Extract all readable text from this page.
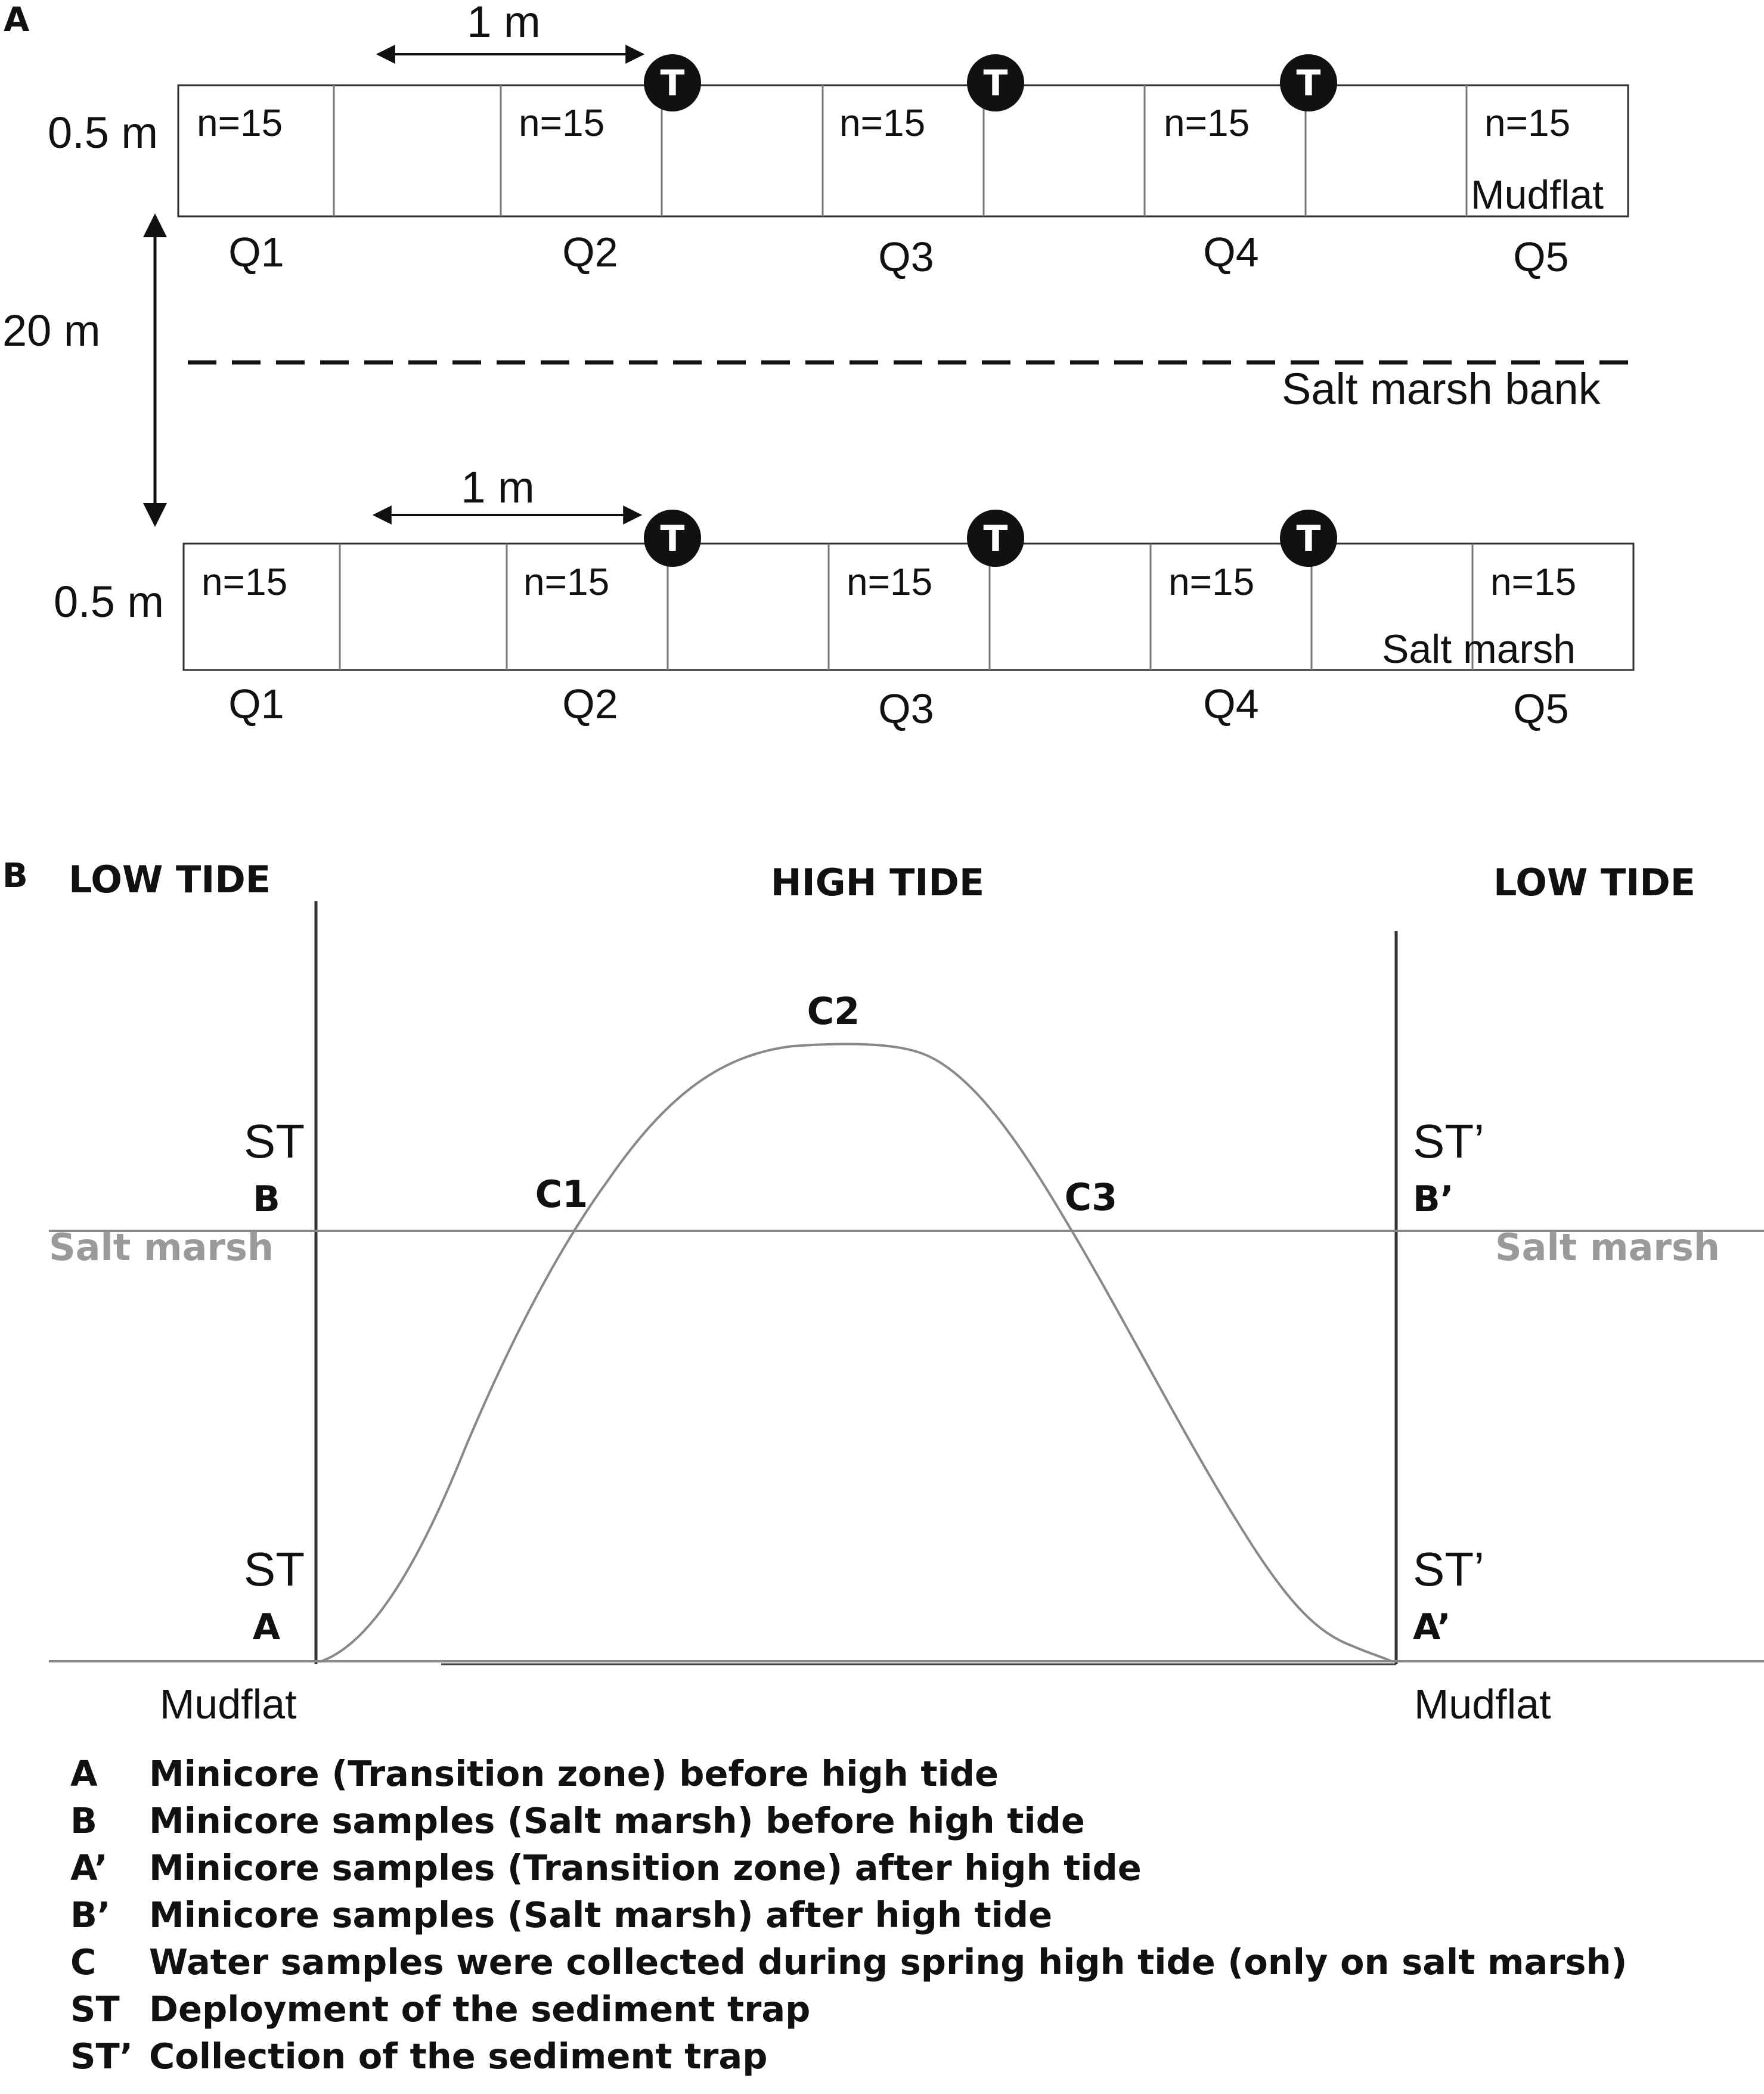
A	1 m
0.5 m n=15	n=15	n=15	n=15	n=15
Mudflat
T	T	T
Q1	Q2	Q3	Q4	Q5
20 m
Salt marsh bank
1 m
0.5 m n=15	n=15	n=15	n=15	n=15
Salt marsh
T	T	T
Q1	Q2	Q3	Q4	Q5
B LOW TIDE	HIGH TIDE	LOW TIDE
C1
C2
C3
ST
B
ST
A
ST’
B’
ST’
A’
Salt marsh	Salt marsh
Mudflat	Mudflat
A	Minicore (Transition zone) before high tide
B	Minicore samples (Salt marsh) before high tide
A’	Minicore samples (Transition zone) after high tide
B’	Minicore samples (Salt marsh) after high tide
C	Water samples were collected during spring high tide (only on salt marsh)
ST Deployment of the sediment trap
ST’ Collection of the sediment trap
